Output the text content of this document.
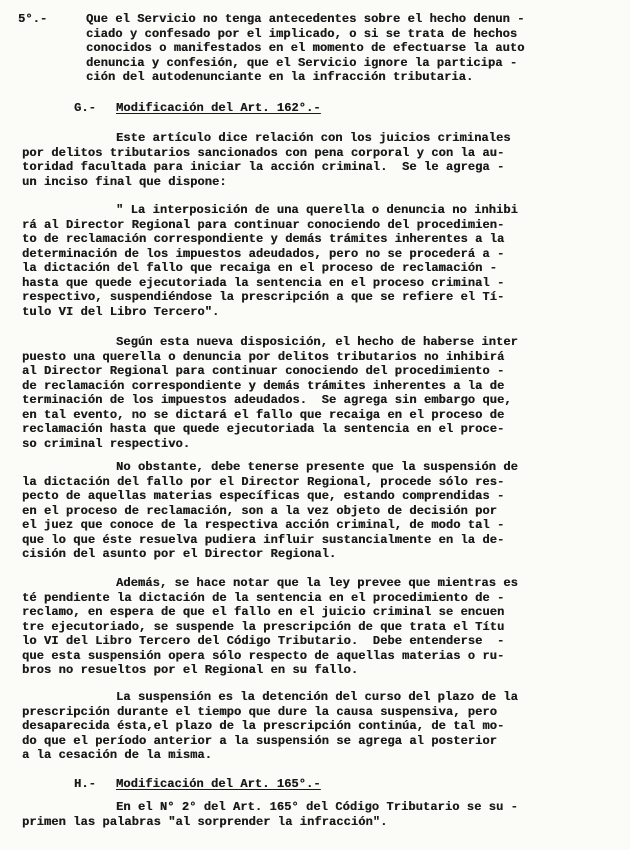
5°.-	Que el Servicio no tenga antecedentes sobre el hecho denun -
ciado y confesado por el implicado, o si se trata de hechos
conocidos o manifestados en el momento de efectuarse la auto
denuncia y confesión, que el Servicio ignore la participa -
ción del autodenunciante en la infracción tributaria.
G.- Modificación del Art. 162°.-
Este artículo dice relación con los juicios criminales
por delitos tributarios sancionados con pena corporal y con la au-
toridad facultada para iniciar la acción criminal.  Se le agrega -
un inciso final que dispone:
" La interposición de una querella o denuncia no inhibi
rá al Director Regional para continuar conociendo del procedimien-
to de reclamación correspondiente y demás trámites inherentes a la
determinación de los impuestos adeudados, pero no se procederá a -
la dictación del fallo que recaiga en el proceso de reclamación -
hasta que quede ejecutoriada la sentencia en el proceso criminal -
respectivo, suspendiéndose la prescripción a que se refiere el Tí-
tulo VI del Libro Tercero".
Según esta nueva disposición, el hecho de haberse inter
puesto una querella o denuncia por delitos tributarios no inhibirá
al Director Regional para continuar conociendo del procedimiento -
de reclamación correspondiente y demás trámites inherentes a la de
terminación de los impuestos adeudados.  Se agrega sin embargo que,
en tal evento, no se dictará el fallo que recaiga en el proceso de
reclamación hasta que quede ejecutoriada la sentencia en el proce-
so criminal respectivo.
No obstante, debe tenerse presente que la suspensión de
la dictación del fallo por el Director Regional, procede sólo res-
pecto de aquellas materias específicas que, estando comprendidas -
en el proceso de reclamación, son a la vez objeto de decisión por
el juez que conoce de la respectiva acción criminal, de modo tal -
que lo que éste resuelva pudiera influir sustancialmente en la de-
cisión del asunto por el Director Regional.
Además, se hace notar que la ley prevee que mientras es
té pendiente la dictación de la sentencia en el procedimiento de -
reclamo, en espera de que el fallo en el juicio criminal se encuen
tre ejecutoriado, se suspende la prescripción de que trata el Títu
lo VI del Libro Tercero del Código Tributario.  Debe entenderse  -
que esta suspensión opera sólo respecto de aquellas materias o ru-
bros no resueltos por el Regional en su fallo.
La suspensión es la detención del curso del plazo de la
prescripción durante el tiempo que dure la causa suspensiva, pero
desaparecida ésta,el plazo de la prescripción continúa, de tal mo-
do que el período anterior a la suspensión se agrega al posterior
a la cesación de la misma.
H.- Modificación del Art. 165°.-
En el N° 2° del Art. 165° del Código Tributario se su -
primen las palabras "al sorprender la infracción".
